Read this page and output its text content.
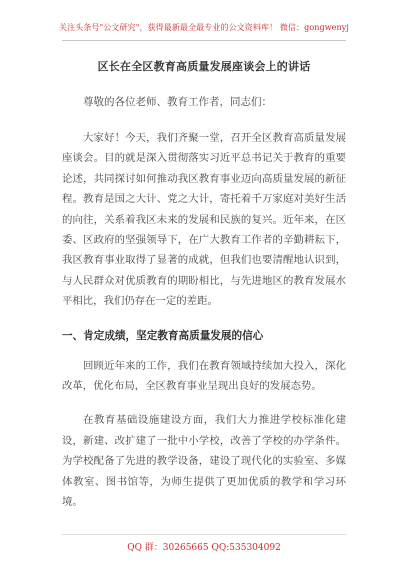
关注头条号"公文研究"，获得最新最全最专业的公文资料库！ 微信：gongwenyj
区长在全区教育高质量发展座谈会上的讲话
尊敬的各位老师、教育工作者，同志们：

大家好！今天，我们齐聚一堂，召开全区教育高质量发展座谈会。目的就是深入贯彻落实习近平总书记关于教育的重要论述，共同探讨如何推动我区教育事业迈向高质量发展的新征程。教育是国之大计、党之大计，寄托着千万家庭对美好生活的向往，关系着我区未来的发展和民族的复兴。近年来，在区委、区政府的坚强领导下，在广大教育工作者的辛勤耕耘下，我区教育事业取得了显著的成就，但我们也要清醒地认识到，与人民群众对优质教育的期盼相比，与先进地区的教育发展水平相比，我们仍存在一定的差距。

一、肯定成绩，坚定教育高质量发展的信心

回顾近年来的工作，我们在教育领域持续加大投入，深化改革，优化布局，全区教育事业呈现出良好的发展态势。

在教育基础设施建设方面，我们大力推进学校标准化建设，新建、改扩建了一批中小学校，改善了学校的办学条件。为学校配备了先进的教学设备，建设了现代化的实验室、多媒体教室、图书馆等，为师生提供了更加优质的教学和学习环境。

QQ 群：30265665 QQ:535304092
